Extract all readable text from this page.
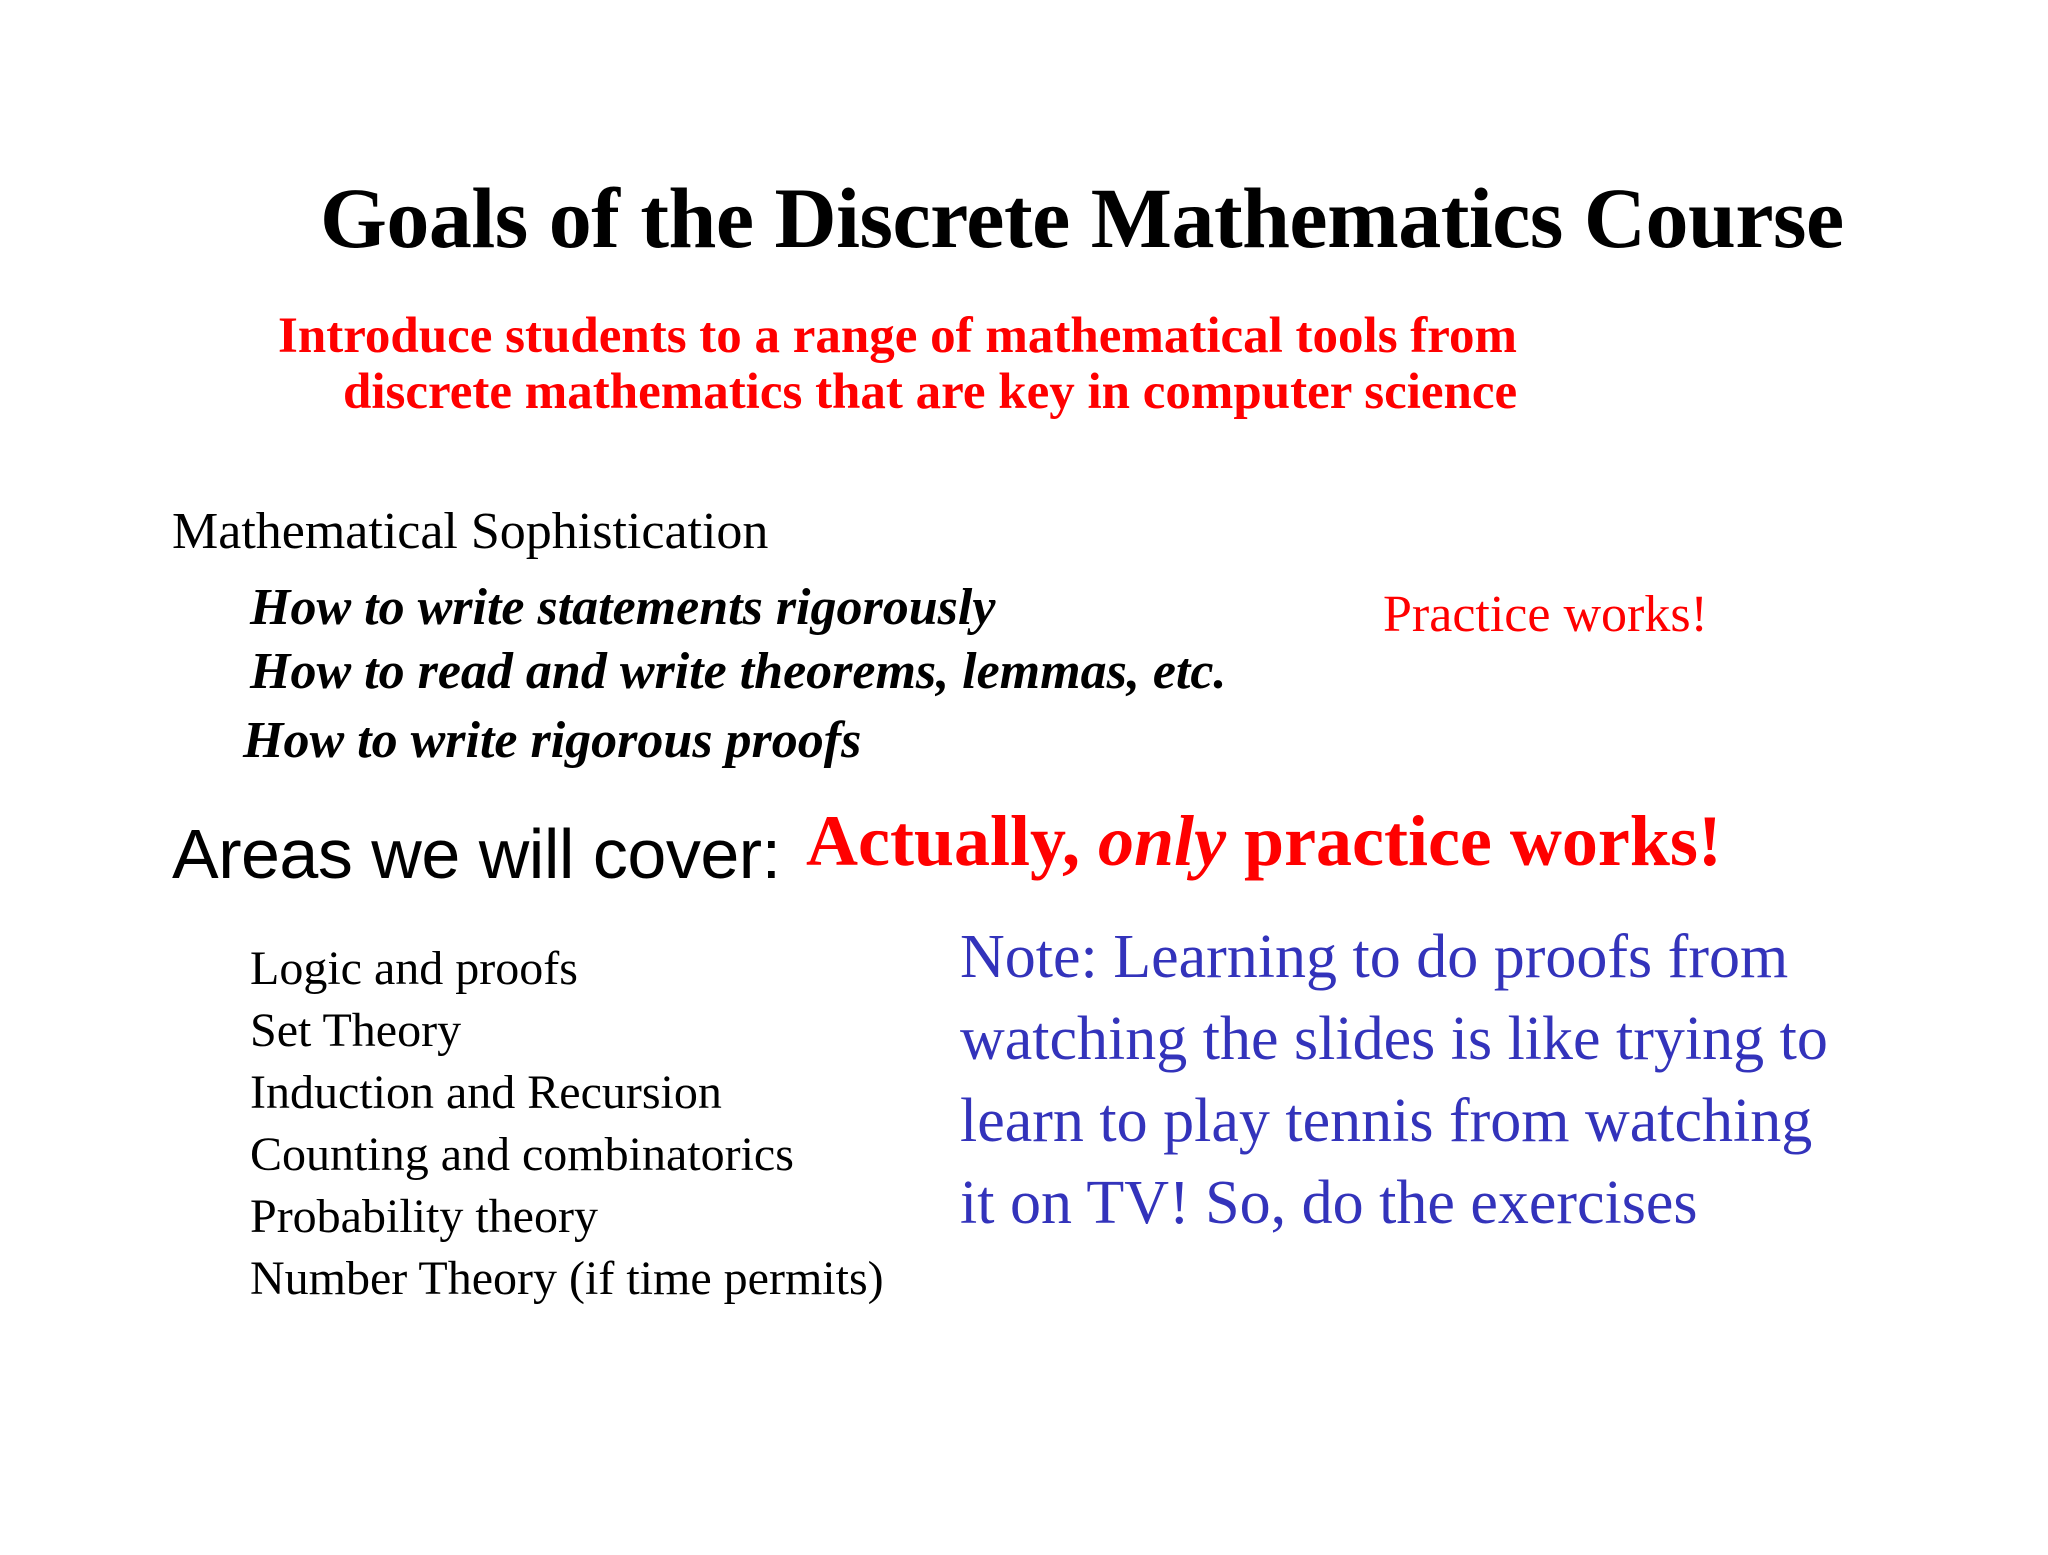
Goals of the Discrete Mathematics Course
Introduce students to a range of mathematical tools from
discrete mathematics that are key in computer science
Mathematical Sophistication
How to write statements rigorously
How to read and write theorems, lemmas, etc.
How to write rigorous proofs
Practice works!
Areas we will cover: Actually, only practice works!
Logic and proofs
Set Theory
Induction and Recursion
Counting and combinatorics
Probability theory
Number Theory (if time permits)
Note: Learning to do proofs from
watching the slides is like trying to
learn to play tennis from watching
it on TV! So, do the exercises
